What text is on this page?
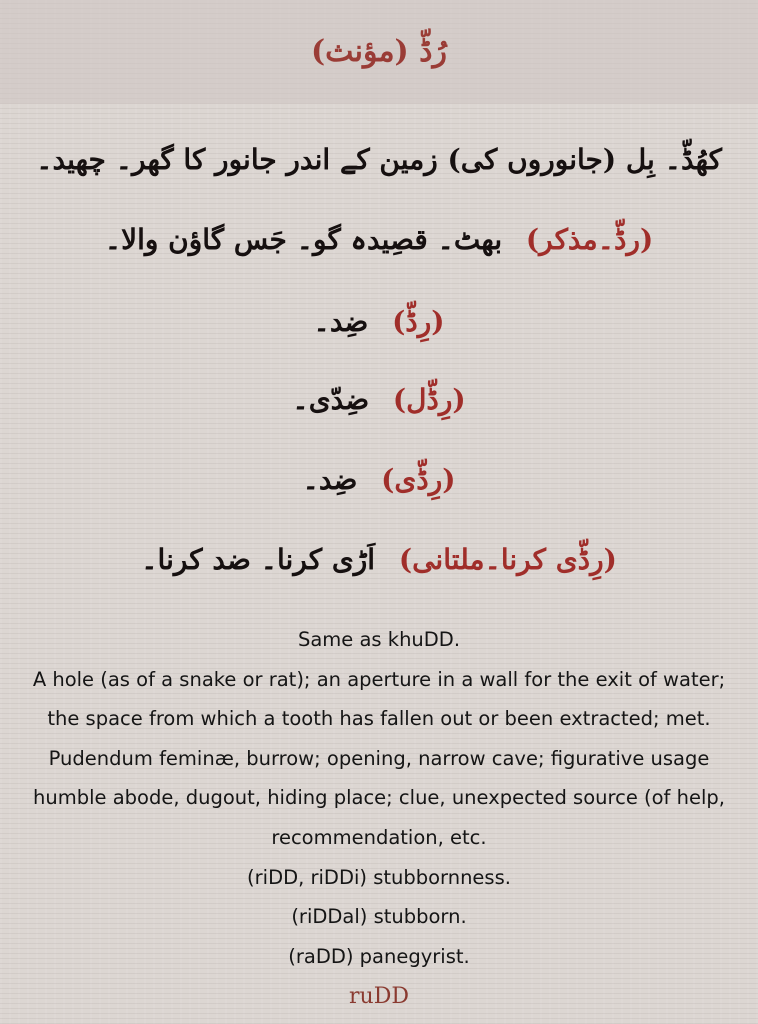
رُڈّ (مؤنث)
کھُڈّ۔ بِل (جانوروں کی) زمین کے اندر جانور کا گھر۔ چھید۔
(رڈّ۔مذکر) بھٹ۔ قصِیدہ گو۔ جَس گاؤن والا۔
(رِڈّ) ضِد۔
(رِڈّل) ضِدّی۔
(رِڈّی) ضِد۔
(رِڈّی کرنا۔ملتانی) اَڑی کرنا۔ ضد کرنا۔

Same as khuDD.

A hole (as of a snake or rat); an aperture in a wall for the exit of water; the space from which a tooth has fallen out or been extracted; met. Pudendum feminæ, burrow; opening, narrow cave; figurative usage humble abode, dugout, hiding place; clue, unexpected source (of help, recommendation, etc.

(riDD, riDDi) stubbornness.

(riDDal) stubborn.

(raDD) panegyrist.

ruDD
